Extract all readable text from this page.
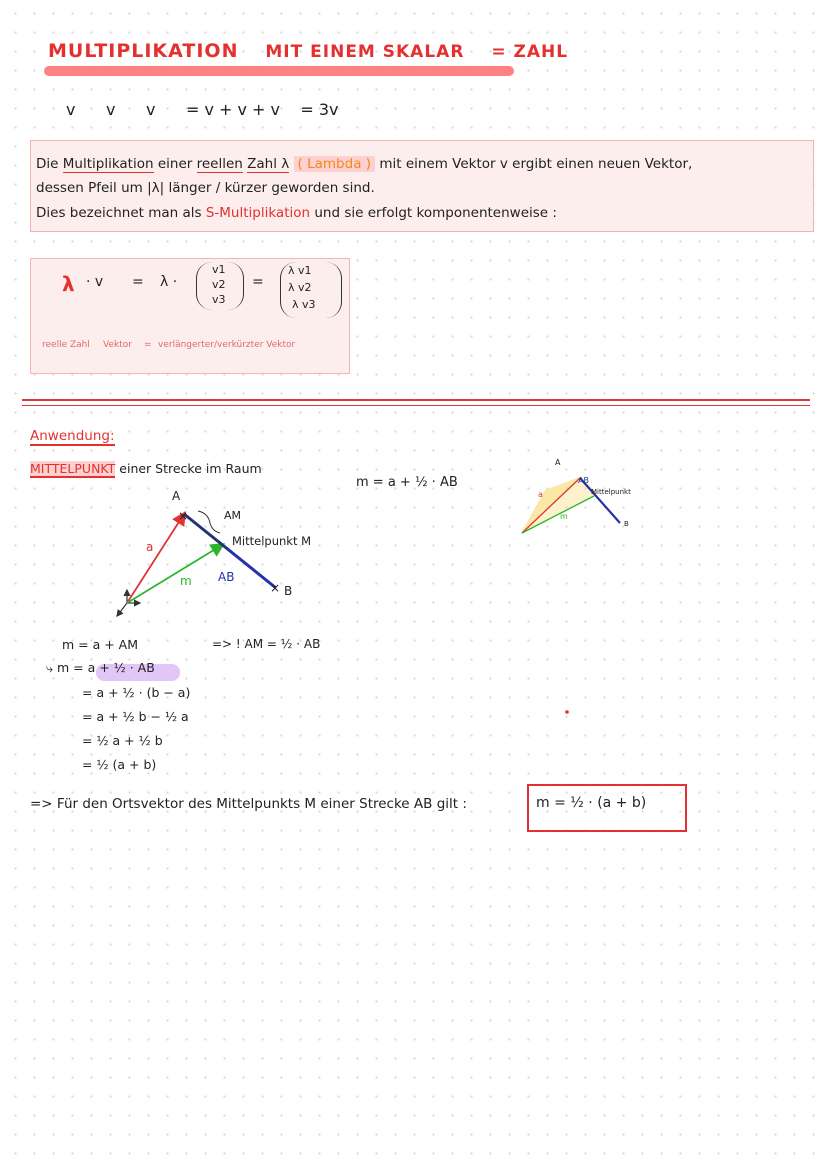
MULTIPLIKATION MIT EINEM SKALAR = ZAHL
v v v = v + v + v = 3v
Die Multiplikation einer reellen Zahl λ ( Lambda ) mit einem Vektor v ergibt einen neuen Vektor,
dessen Pfeil um |λ| länger / kürzer geworden sind.
Dies bezeichnet man als S-Multiplikation und sie erfolgt komponentenweise :
λ · v = λ ·
v1
v2
v3
=
λ v1
λ v2
λ v3
reelle Zahl Vektor = verlängerter/verkürzter Vektor
Anwendung:
MITTELPUNKT einer Strecke im Raum
×
×
A
B
AM
Mittelpunkt M
a
m AB
m = a + ½ · AB
A
AB
Mittelpunkt
B
a
m
=> ! AM = ½ · AB
m = a + AM
⤷ m = a + ½ · AB
= a + ½ · (b − a)
= a + ½ b − ½ a
= ½ a + ½ b
= ½ (a + b)
=> Für den Ortsvektor des Mittelpunkts M einer Strecke AB gilt :	m = ½ · (a + b)
